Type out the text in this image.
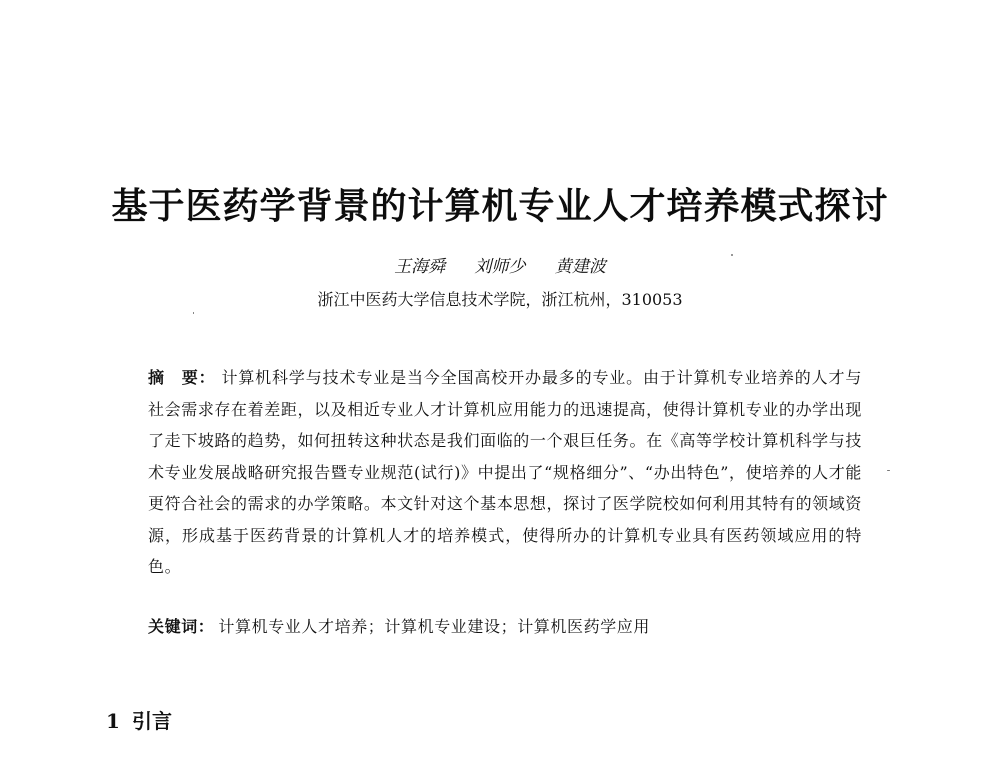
基于医药学背景的计算机专业人才培养模式探讨
王海舜 刘师少 黄建波
浙江中医药大学信息技术学院，浙江杭州，310053

摘　要： 计算机科学与技术专业是当今全国高校开办最多的专业。由于计算机专业培养的人才与社会需求存在着差距，以及相近专业人才计算机应用能力的迅速提高，使得计算机专业的办学出现了走下坡路的趋势，如何扭转这种状态是我们面临的一个艰巨任务。在《高等学校计算机科学与技术专业发展战略研究报告暨专业规范(试行)》中提出了“规格细分”、“办出特色”，使培养的人才能更符合社会的需求的办学策略。本文针对这个基本思想，探讨了医学院校如何利用其特有的领域资源，形成基于医药背景的计算机人才的培养模式，使得所办的计算机专业具有医药领域应用的特色。

关键词： 计算机专业人才培养；计算机专业建设；计算机医药学应用
1 引言
